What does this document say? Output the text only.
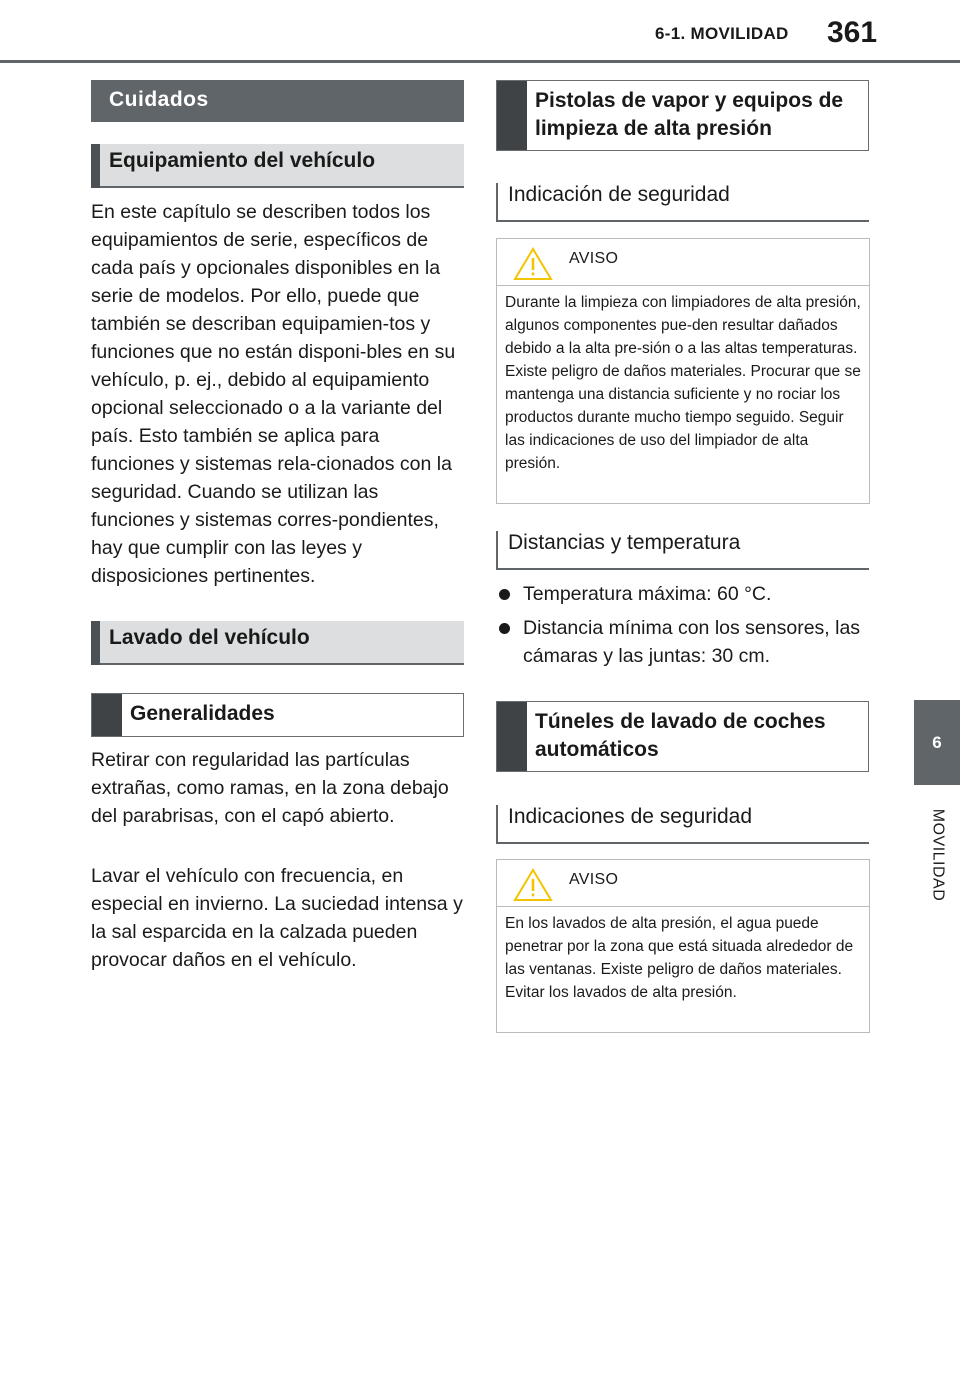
6-1. MOVILIDAD 361
6
MOVILIDAD
Cuidados
Equipamiento del vehículo
En este capítulo se describen todos los equipamientos de serie, específicos de cada país y opcionales disponibles en la serie de modelos. Por ello, puede que también se describan equipamien-tos y funciones que no están disponi-bles en su vehículo, p. ej., debido al equipamiento opcional seleccionado o a la variante del país. Esto también se aplica para funciones y sistemas rela-cionados con la seguridad. Cuando se utilizan las funciones y sistemas corres-pondientes, hay que cumplir con las leyes y disposiciones pertinentes.
Lavado del vehículo
Generalidades
Retirar con regularidad las partículas extrañas, como ramas, en la zona debajo del parabrisas, con el capó abierto.
Lavar el vehículo con frecuencia, en especial en invierno. La suciedad intensa y la sal esparcida en la calzada pueden provocar daños en el vehículo.
Pistolas de vapor y equipos de limpieza de alta presión
Indicación de seguridad
AVISO
Durante la limpieza con limpiadores de alta presión, algunos componentes pue-den resultar dañados debido a la alta pre-sión o a las altas temperaturas. Existe peligro de daños materiales. Procurar que se mantenga una distancia suficiente y no rociar los productos durante mucho tiempo seguido. Seguir las indicaciones de uso del limpiador de alta presión.
Distancias y temperatura
Temperatura máxima: 60 °C.
Distancia mínima con los sensores, las cámaras y las juntas: 30 cm.
Túneles de lavado de coches automáticos
Indicaciones de seguridad
AVISO
En los lavados de alta presión, el agua puede penetrar por la zona que está situada alrededor de las ventanas. Existe peligro de daños materiales. Evitar los lavados de alta presión.
